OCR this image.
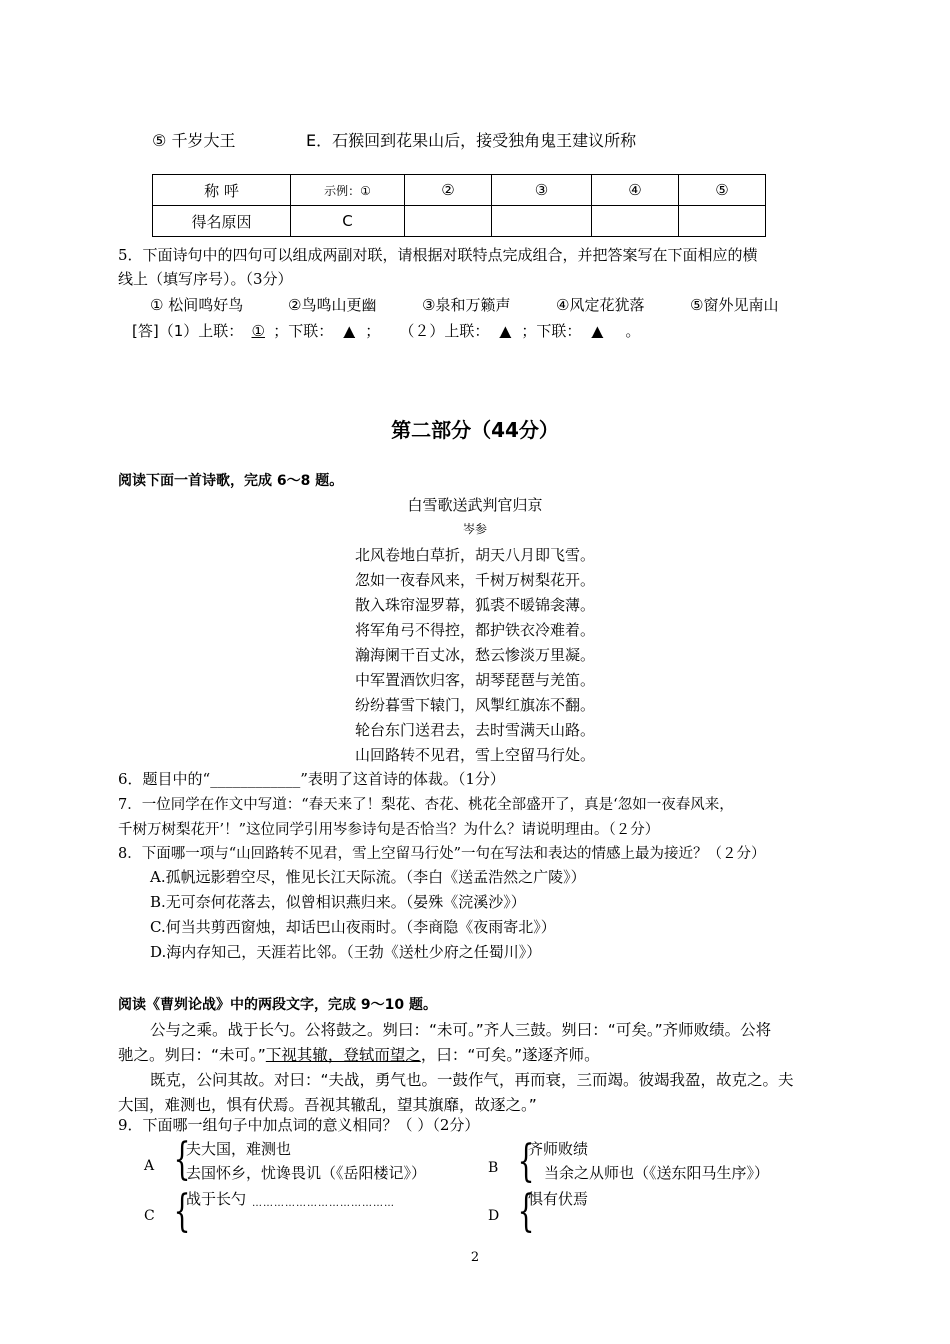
⑤ 千岁大王	E．石猴回到花果山后，接受独角鬼王建议所称
称 呼	示例：①	②	③	④	⑤
得名原因	C				
5．下面诗句中的四句可以组成两副对联，请根据对联特点完成组合，并把答案写在下面相应的横
线上（填写序号）。（3分）
① 松间鸣好鸟	②鸟鸣山更幽	③泉和万籁声	④风定花犹落	⑤窗外见南山
[答]（1）上联： ① ；下联： ▲ ；    （２）上联： ▲ ；下联： ▲ 。
第二部分（44分）
阅读下面一首诗歌，完成 6～8 题。
白雪歌送武判官归京
岑参
北风卷地白草折，胡天八月即飞雪。
忽如一夜春风来，千树万树梨花开。
散入珠帘湿罗幕，狐裘不暖锦衾薄。
将军角弓不得控，都护铁衣冷难着。
瀚海阑干百丈冰，愁云惨淡万里凝。
中军置酒饮归客，胡琴琵琶与羌笛。
纷纷暮雪下辕门，风掣红旗冻不翻。
轮台东门送君去，去时雪满天山路。
山回路转不见君，雪上空留马行处。
6．题目中的“____________”表明了这首诗的体裁。（1分）
7．一位同学在作文中写道：“春天来了！梨花、杏花、桃花全部盛开了，真是‘忽如一夜春风来，
千树万树梨花开’！”这位同学引用岑参诗句是否恰当？为什么？请说明理由。（２分）
8．下面哪一项与“山回路转不见君，雪上空留马行处”一句在写法和表达的情感上最为接近？（２分）
A.孤帆远影碧空尽，惟见长江天际流。（李白《送孟浩然之广陵》）
B.无可奈何花落去，似曾相识燕归来。（晏殊《浣溪沙》）
C.何当共剪西窗烛，却话巴山夜雨时。（李商隐《夜雨寄北》）
D.海内存知己，天涯若比邻。（王勃《送杜少府之任蜀川》）
阅读《曹刿论战》中的两段文字，完成 9～10 题。
公与之乘。战于长勺。公将鼓之。刿曰：“未可。”齐人三鼓。刿曰：“可矣。”齐师败绩。公将
驰之。刿曰：“未可。”下视其辙，登轼而望之，曰：“可矣。”遂逐齐师。
既克，公问其故。对曰：“夫战，勇气也。一鼓作气，再而衰，三而竭。彼竭我盈，故克之。夫
大国，难测也，惧有伏焉。吾视其辙乱，望其旗靡，故逐之。”
9．下面哪一组句子中加点词的意义相同？（ ）（2分）
A {
夫大国，难测也
去国怀乡，忧谗畏讥（《岳阳楼记》）	B {
齐师败绩
当余之从师也（《送东阳马生序》）
C {
战于长勺 …………………………………
D {
惧有伏焉
2
